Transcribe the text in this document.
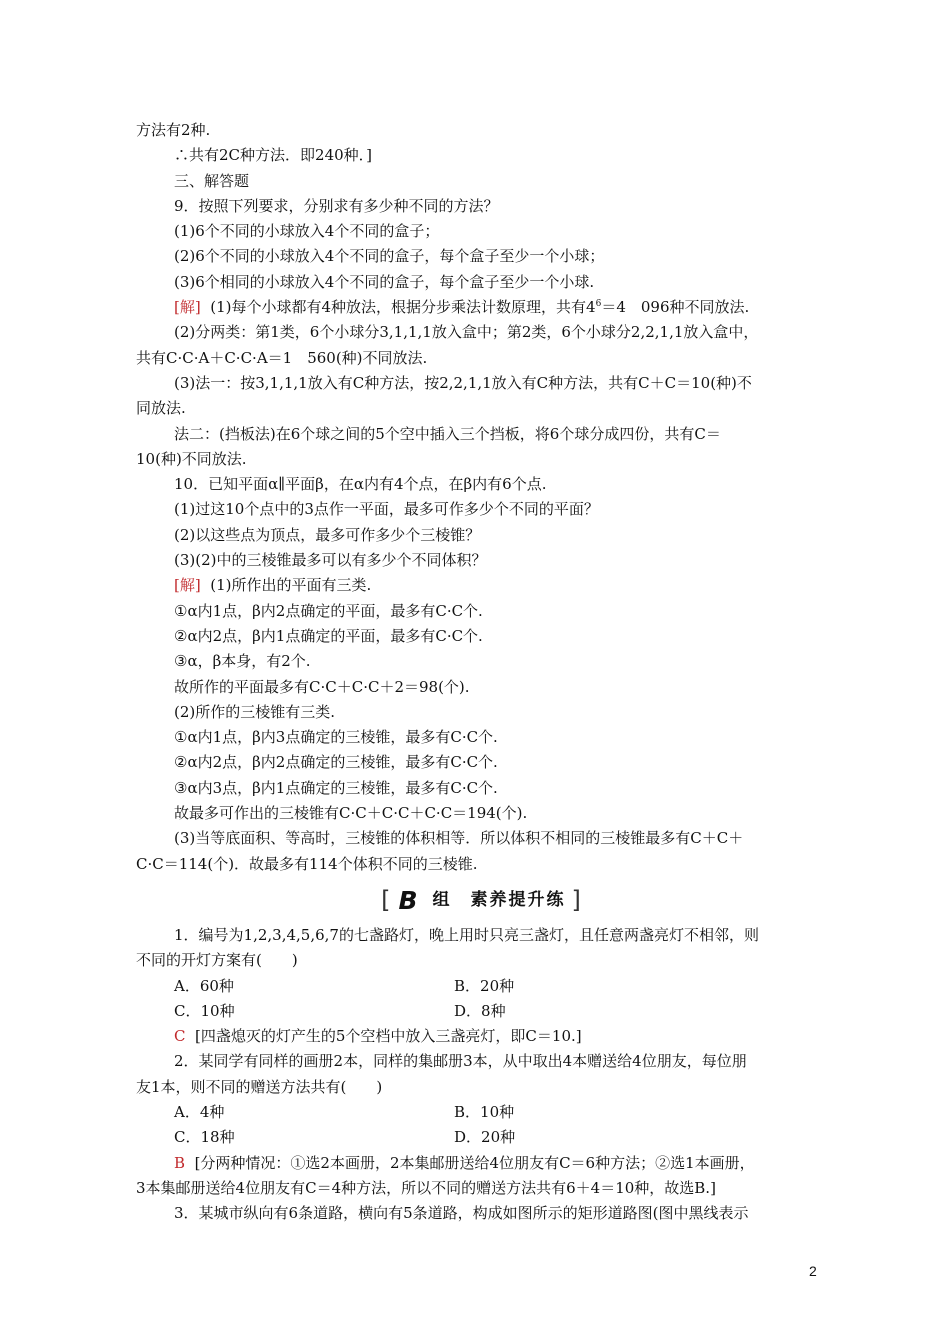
方法有2种.
∴共有2C种方法．即240种．]
三、解答题
9．按照下列要求，分别求有多少种不同的方法？
(1)6个不同的小球放入4个不同的盒子；
(2)6个不同的小球放入4个不同的盒子，每个盒子至少一个小球；
(3)6个相同的小球放入4个不同的盒子，每个盒子至少一个小球.
[解] (1)每个小球都有4种放法，根据分步乘法计数原理，共有$4^6=4$　096种不同放法.
(2)分两类：第1类，6个小球分3,1,1,1放入盒中；第2类，6个小球分2,2,1,1放入盒中，
共有C·C·A＋C·C·A＝1　560(种)不同放法.
(3)法一：按3,1,1,1放入有C种方法，按2,2,1,1放入有C种方法，共有C＋C＝10(种)不
同放法.
法二：(挡板法)在6个球之间的5个空中插入三个挡板，将6个球分成四份，共有C＝
10(种)不同放法.
10．已知平面α∥平面β，在α内有4个点，在β内有6个点.
(1)过这10个点中的3点作一平面，最多可作多少个不同的平面？
(2)以这些点为顶点，最多可作多少个三棱锥？
(3)(2)中的三棱锥最多可以有多少个不同体积？
[解] (1)所作出的平面有三类.
①α内1点，β内2点确定的平面，最多有C·C个.
②α内2点，β内1点确定的平面，最多有C·C个.
③α，β本身，有2个.
故所作的平面最多有C·C＋C·C＋2＝98(个).
(2)所作的三棱锥有三类.
①α内1点，β内3点确定的三棱锥，最多有C·C个.
②α内2点，β内2点确定的三棱锥，最多有C·C个.
③α内3点，β内1点确定的三棱锥，最多有C·C个.
故最多可作出的三棱锥有C·C＋C·C＋C·C＝194(个).
(3)当等底面积、等高时，三棱锥的体积相等．所以体积不相同的三棱锥最多有C＋C＋
C·C＝114(个)．故最多有114个体积不同的三棱锥.
[ B 组　素养提升练 ]
1．编号为1,2,3,4,5,6,7的七盏路灯，晚上用时只亮三盏灯，且任意两盏亮灯不相邻，则
不同的开灯方案有(　　)
A．60种	B．20种
C．10种	D．8种
C [四盏熄灭的灯产生的5个空档中放入三盏亮灯，即C＝10.]
2．某同学有同样的画册2本，同样的集邮册3本，从中取出4本赠送给4位朋友，每位朋
友1本，则不同的赠送方法共有(　　)
A．4种	B．10种
C．18种	D．20种
B [分两种情况：①选2本画册，2本集邮册送给4位朋友有C＝6种方法；②选1本画册，
3本集邮册送给4位朋友有C＝4种方法，所以不同的赠送方法共有6＋4＝10种，故选B.]
3．某城市纵向有6条道路，横向有5条道路，构成如图所示的矩形道路图(图中黑线表示
2
